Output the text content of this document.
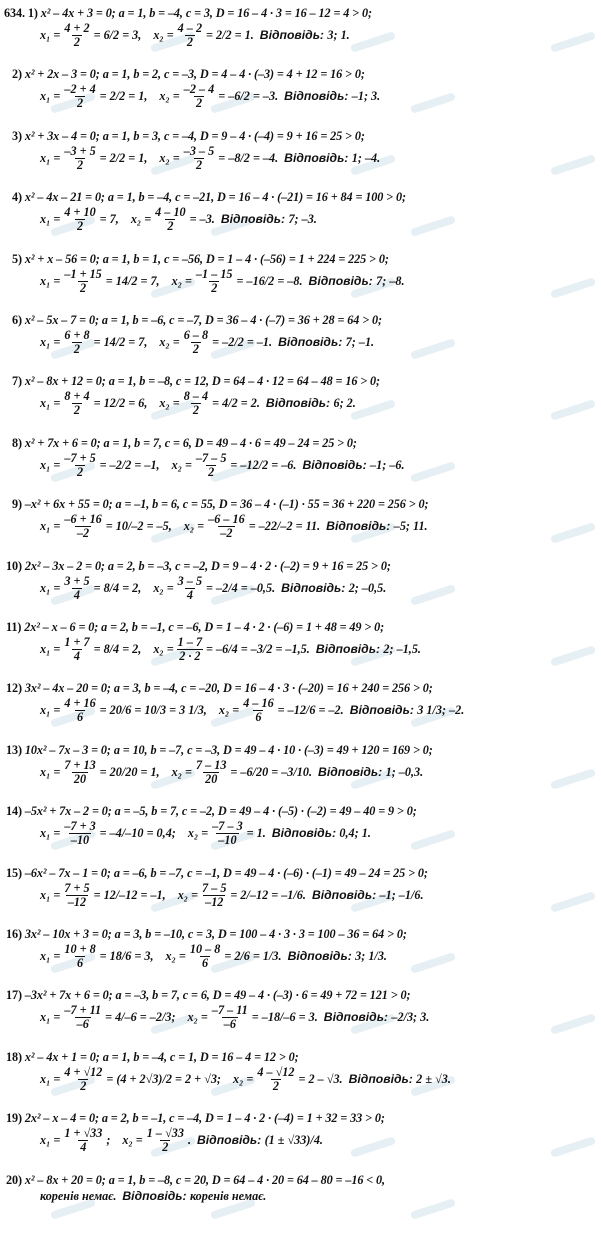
634. 1) x² – 4x + 3 = 0; a = 1, b = –4, c = 3, D = 16 – 4 · 3 = 16 – 12 = 4 > 0;
$x_1 = \frac{4 + 2}{2} = 6/2 = 3$, $x_2 = \frac{4 - 2}{2} = 2/2 = 1$. Відповідь: 3; 1.
2) x² + 2x – 3 = 0; a = 1, b = 2, c = –3, D = 4 – 4 · (–3) = 4 + 12 = 16 > 0;
$x_1 = \frac{-2 + 4}{2} = 2/2 = 1$, $x_2 = \frac{-2 - 4}{2} = -6/2 = -3$. Відповідь: –1; 3.
3) x² + 3x – 4 = 0; a = 1, b = 3, c = –4, D = 9 – 4 · (–4) = 9 + 16 = 25 > 0;
$x_1 = \frac{-3 + 5}{2} = 2/2 = 1$, $x_2 = \frac{-3 - 5}{2} = -8/2 = -4$. Відповідь: 1; –4.
4) x² – 4x – 21 = 0; a = 1, b = –4, c = –21, D = 16 – 4 · (–21) = 16 + 84 = 100 > 0;
$x_1 = \frac{4 + 10}{2} = 7$, $x_2 = \frac{4 - 10}{2} = -3$. Відповідь: 7; –3.
5) x² + x – 56 = 0; a = 1, b = 1, c = –56, D = 1 – 4 · (–56) = 1 + 224 = 225 > 0;
$x_1 = \frac{-1 + 15}{2} = 14/2 = 7$, $x_2 = \frac{-1 - 15}{2} = -16/2 = -8$. Відповідь: 7; –8.
6) x² – 5x – 7 = 0; a = 1, b = –6, c = –7, D = 36 – 4 · (–7) = 36 + 28 = 64 > 0;
$x_1 = \frac{6 + 8}{2} = 14/2 = 7$, $x_2 = \frac{6 - 8}{2} = -2/2 = -1$. Відповідь: 7; –1.
7) x² – 8x + 12 = 0; a = 1, b = –8, c = 12, D = 64 – 4 · 12 = 64 – 48 = 16 > 0;
$x_1 = \frac{8 + 4}{2} = 12/2 = 6$, $x_2 = \frac{8 - 4}{2} = 4/2 = 2$. Відповідь: 6; 2.
8) x² + 7x + 6 = 0; a = 1, b = 7, c = 6, D = 49 – 4 · 6 = 49 – 24 = 25 > 0;
$x_1 = \frac{-7 + 5}{2} = -2/2 = -1$, $x_2 = \frac{-7 - 5}{2} = -12/2 = -6$. Відповідь: –1; –6.
9) –x² + 6x + 55 = 0; a = –1, b = 6, c = 55, D = 36 – 4 · (–1) · 55 = 36 + 220 = 256 > 0;
$x_1 = \frac{-6 + 16}{-2} = 10/-2 = -5$, $x_2 = \frac{-6 - 16}{-2} = -22/-2 = 11$. Відповідь: –5; 11.
10) 2x² – 3x – 2 = 0; a = 2, b = –3, c = –2, D = 9 – 4 · 2 · (–2) = 9 + 16 = 25 > 0;
$x_1 = \frac{3 + 5}{4} = 8/4 = 2$, $x_2 = \frac{3 - 5}{4} = -2/4 = -0,5$. Відповідь: 2; –0,5.
11) 2x² – x – 6 = 0; a = 2, b = –1, c = –6, D = 1 – 4 · 2 · (–6) = 1 + 48 = 49 > 0;
$x_1 = \frac{1 + 7}{4} = 8/4 = 2$, $x_2 = \frac{1 - 7}{2 \cdot 2} = -6/4 = -3/2 = -1,5$. Відповідь: 2; –1,5.
12) 3x² – 4x – 20 = 0; a = 3, b = –4, c = –20, D = 16 – 4 · 3 · (–20) = 16 + 240 = 256 > 0;
$x_1 = \frac{4 + 16}{6} = 20/6 = 10/3 = 3$ 1/3, $x_2 = \frac{4 - 16}{6} = -12/6 = -2$. Відповідь: 3 1/3; –2.
13) 10x² – 7x – 3 = 0; a = 10, b = –7, c = –3, D = 49 – 4 · 10 · (–3) = 49 + 120 = 169 > 0;
$x_1 = \frac{7 + 13}{20} = 20/20 = 1$, $x_2 = \frac{7 - 13}{20} = -6/20 = -3/10$. Відповідь: 1; –0,3.
14) –5x² + 7x – 2 = 0; a = –5, b = 7, c = –2, D = 49 – 4 · (–5) · (–2) = 49 – 40 = 9 > 0;
$x_1 = \frac{-7 + 3}{-10} = -4/-10 = 0,4$; $x_2 = \frac{-7 - 3}{-10} = 1$. Відповідь: 0,4; 1.
15) –6x² – 7x – 1 = 0; a = –6, b = –7, c = –1, D = 49 – 4 · (–6) · (–1) = 49 – 24 = 25 > 0;
$x_1 = \frac{7 + 5}{-12} = 12/-12 = -1$, $x_2 = \frac{7 - 5}{-12} = 2/-12 = -1/6$. Відповідь: –1; –1/6.
16) 3x² – 10x + 3 = 0; a = 3, b = –10, c = 3, D = 100 – 4 · 3 · 3 = 100 – 36 = 64 > 0;
$x_1 = \frac{10 + 8}{6} = 18/6 = 3$, $x_2 = \frac{10 - 8}{6} = 2/6 = 1/3$. Відповідь: 3; 1/3.
17) –3x² + 7x + 6 = 0; a = –3, b = 7, c = 6, D = 49 – 4 · (–3) · 6 = 49 + 72 = 121 > 0;
$x_1 = \frac{-7 + 11}{-6} = 4/-6 = -2/3$; $x_2 = \frac{-7 - 11}{-6} = -18/-6 = 3$. Відповідь: –2/3; 3.
18) x² – 4x + 1 = 0; a = 1, b = –4, c = 1, D = 16 – 4 = 12 > 0;
$x_1 = \frac{4 + √12}{2} = (4 + 2√3)/2 = 2 + √3$; $x_2 = \frac{4 - √12}{2} = 2 - √3$. Відповідь: 2 ± √3.
19) 2x² – x – 4 = 0; a = 2, b = –1, c = –4, D = 1 – 4 · 2 · (–4) = 1 + 32 = 33 > 0;
$x_1 = \frac{1 + √33}{4}$ ; $x_2 = \frac{1 - √33}{2}$ . Відповідь: (1 ± √33)/4.
20) x² – 8x + 20 = 0; a = 1, b = –8, c = 20, D = 64 – 4 · 20 = 64 – 80 = –16 < 0,
коренів немає. Відповідь: коренів немає.
